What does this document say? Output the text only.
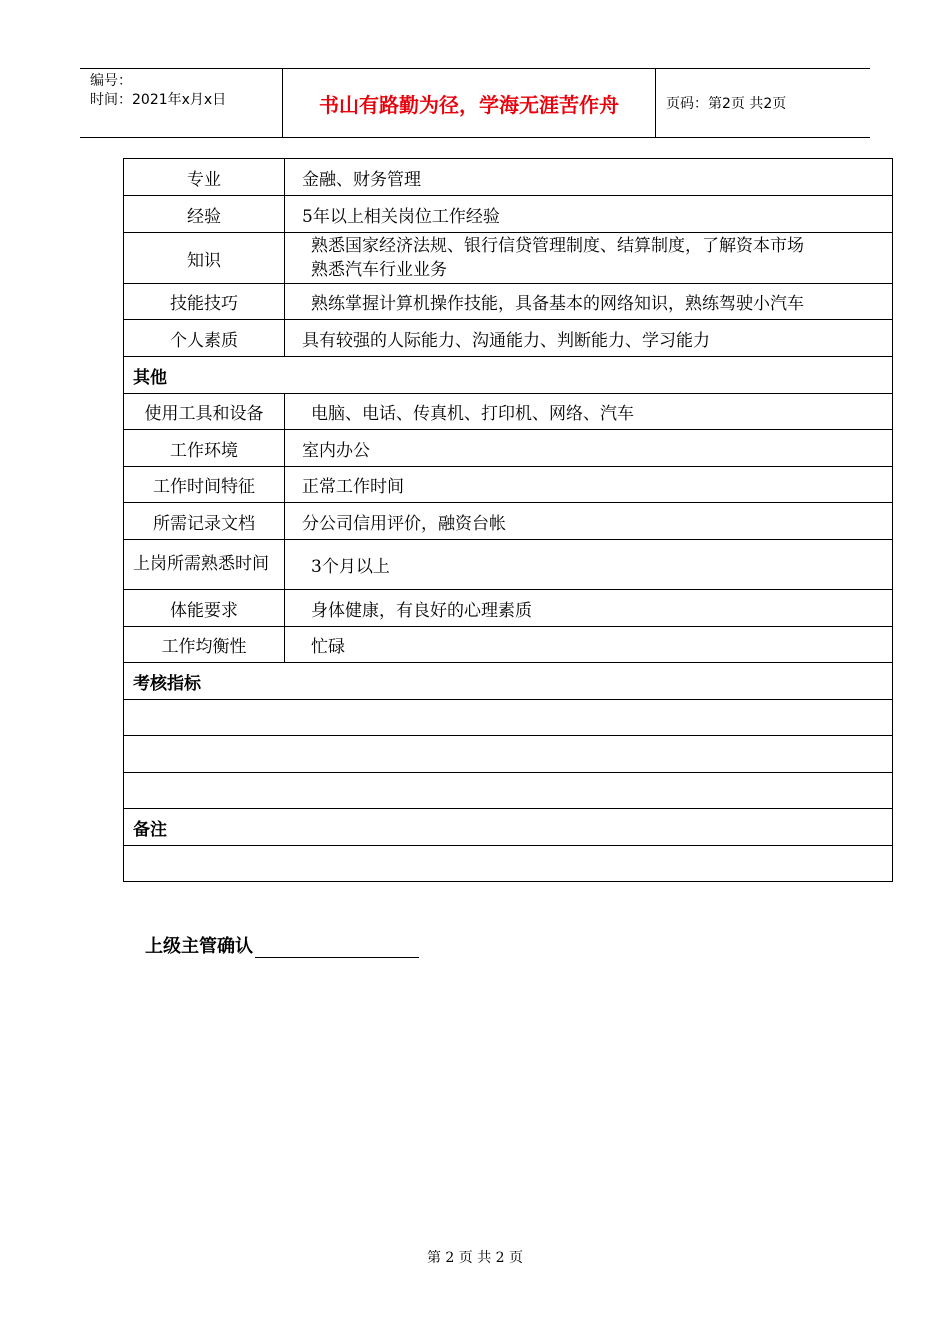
编号：
时间：2021年x月x日	书山有路勤为径，学海无涯苦作舟	页码：第2页 共2页
专业	金融、财务管理
经验	5年以上相关岗位工作经验
知识	熟悉国家经济法规、银行信贷管理制度、结算制度，了解资本市场
熟悉汽车行业业务

技能技巧	熟练掌握计算机操作技能，具备基本的网络知识，熟练驾驶小汽车
个人素质	具有较强的人际能力、沟通能力、判断能力、学习能力
其他	
使用工具和设备	电脑、电话、传真机、打印机、网络、汽车
工作环境	室内办公
工作时间特征	正常工作时间
所需记录文档	分公司信用评价，融资台帐
上岗所需熟悉时间	3个月以上
体能要求	身体健康，有良好的心理素质
工作均衡性	忙碌
考核指标	

备注	

上级主管确认
第 2 页 共 2 页
